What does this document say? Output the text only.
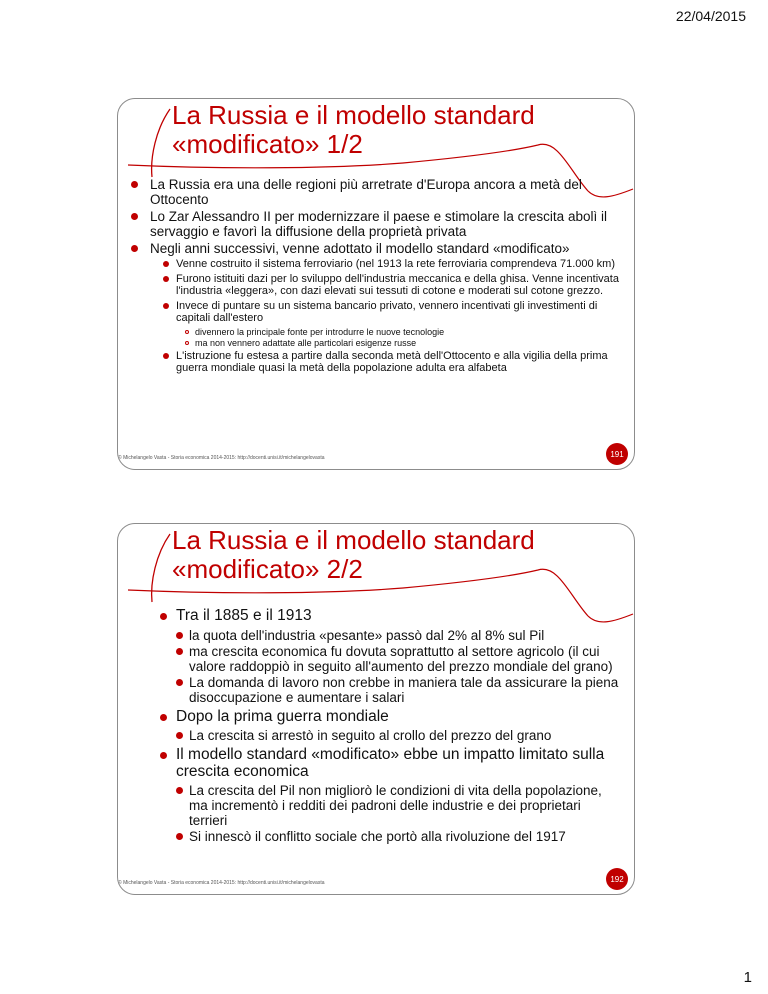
22/04/2015
La Russia e il modello standard
«modificato» 1/2
La Russia era una delle regioni più arretrate d'Europa ancora a metà del Ottocento
Lo Zar Alessandro II per modernizzare il paese e stimolare la crescita abolì il servaggio e favorì la diffusione della proprietà privata
Negli anni successivi, venne adottato il modello standard «modificato»
Venne costruito il sistema ferroviario (nel 1913 la rete ferroviaria comprendeva 71.000 km)
Furono istituiti dazi per lo sviluppo dell'industria meccanica e della ghisa. Venne incentivata l'industria «leggera», con dazi elevati sui tessuti di cotone e moderati sul cotone grezzo.
Invece di puntare su un sistema bancario privato, vennero incentivati gli investimenti di capitali dall'estero
divennero la principale fonte per introdurre le nuove tecnologie
ma non vennero adattate alle particolari esigenze russe
L'istruzione fu estesa a partire dalla seconda metà dell'Ottocento e alla vigilia della prima guerra mondiale quasi la metà della popolazione adulta era alfabeta
© Michelangelo Vasta - Storia economica 2014-2015: http://docenti.unisi.it/michelangelovasta	191
La Russia e il modello standard
«modificato» 2/2
Tra il 1885 e il 1913
la quota dell'industria «pesante» passò dal 2% al 8% sul Pil
ma crescita economica fu dovuta soprattutto al settore agricolo (il cui valore raddoppiò in seguito all'aumento del prezzo mondiale del grano)
La domanda di lavoro non crebbe in maniera tale da assicurare la piena disoccupazione e aumentare i salari
Dopo la prima guerra mondiale
La crescita si arrestò in seguito al crollo del prezzo del grano
Il modello standard «modificato» ebbe un impatto limitato sulla crescita economica
La crescita del Pil non migliorò le condizioni di vita della popolazione, ma incrementò i redditi dei padroni delle industrie e dei proprietari terrieri
Si innescò il conflitto sociale che portò alla rivoluzione del 1917
© Michelangelo Vasta - Storia economica 2014-2015: http://docenti.unisi.it/michelangelovasta	192
1
